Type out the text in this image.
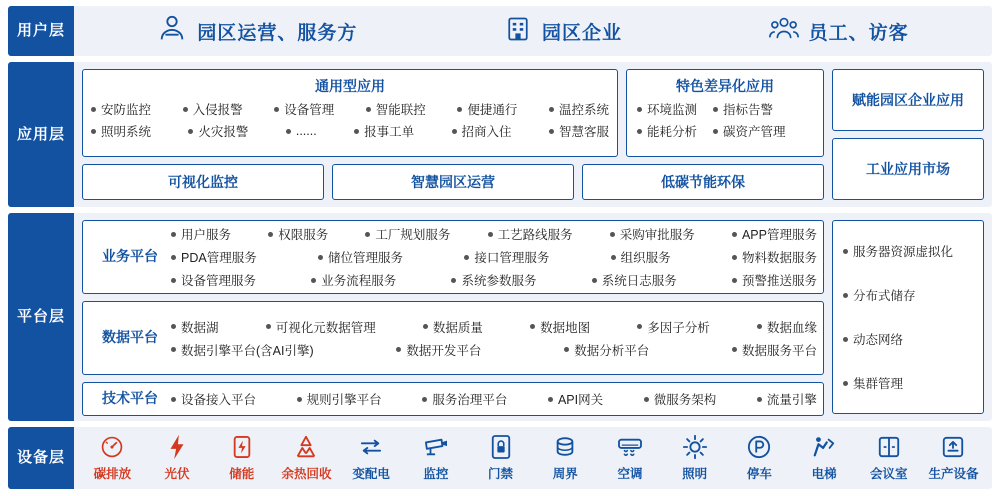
用户层	园区运营、服务方	园区企业	员工、访客
应用层
通用型应用
安防监控	入侵报警	设备管理	智能联控	便捷通行	温控系统
照明系统	火灾报警	......	报事工单	招商入住	智慧客服
特色差异化应用
环境监测	指标告警
能耗分析	碳资产管理
可视化监控	智慧园区运营	低碳节能环保
赋能园区企业应用
工业应用市场
平台层
业务平台
用户服务	权限服务	工厂规划服务	工艺路线服务	采购审批服务	APP管理服务
PDA管理服务	储位管理服务	接口管理服务	组织服务	物料数据服务
设备管理服务	业务流程服务	系统参数服务	系统日志服务	预警推送服务
数据平台
数据湖	可视化元数据管理	数据质量	数据地图	多因子分析	数据血缘
数据引擎平台(含AI引擎)	数据开发平台	数据分析平台	数据服务平台
技术平台	设备接入平台	规则引擎平台	服务治理平台	API网关	微服务架构	流量引擎
服务器资源虚拟化
分布式储存
动态网络
集群管理
设备层
碳排放	光伏	储能 余热回收 变配电	监控	门禁	周界	空调	照明	停车	电梯	会议室 生产设备
